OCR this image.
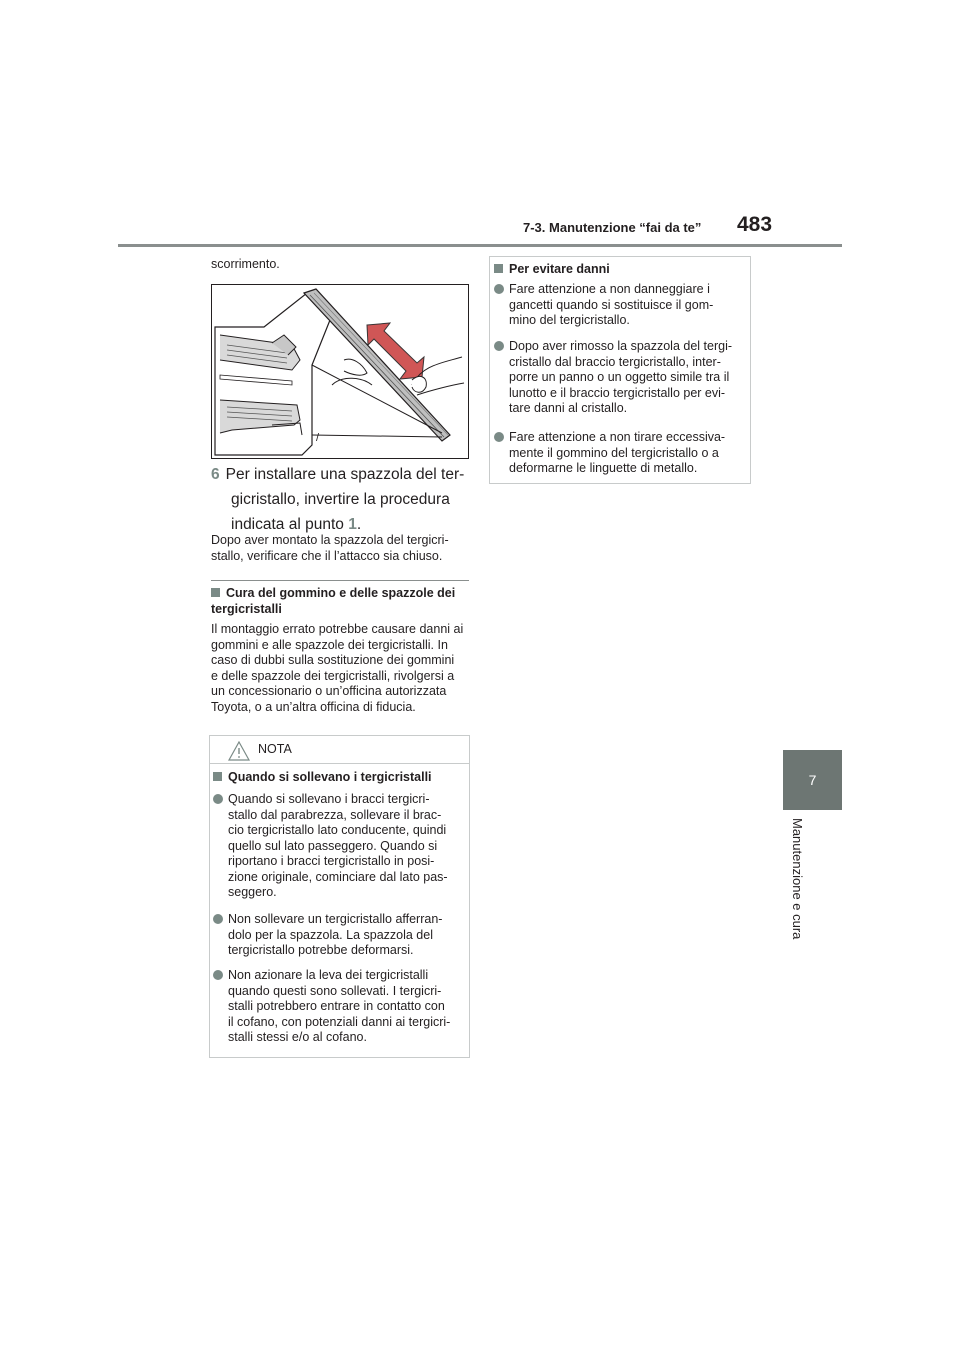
7-3. Manutenzione “fai da te” 483
7
Manutenzione e cura
scorrimento.
/
6 Per installare una spazzola del ter-
gicristallo, invertire la procedura
indicata al punto 1.
Dopo aver montato la spazzola del tergicri-
stallo, verificare che il l’attacco sia chiuso.
Cura del gommino e delle spazzole dei
tergicristalli
Il montaggio errato potrebbe causare danni ai
gommini e alle spazzole dei tergicristalli. In
caso di dubbi sulla sostituzione dei gommini
e delle spazzole dei tergicristalli, rivolgersi a
un concessionario o un’officina autorizzata
Toyota, o a un’altra officina di fiducia.
NOTA
Quando si sollevano i tergicristalli
Quando si sollevano i bracci tergicri-
stallo dal parabrezza, sollevare il brac-
cio tergicristallo lato conducente, quindi
quello sul lato passeggero. Quando si
riportano i bracci tergicristallo in posi-
zione originale, cominciare dal lato pas-
seggero.
Non sollevare un tergicristallo afferran-
dolo per la spazzola. La spazzola del
tergicristallo potrebbe deformarsi.
Non azionare la leva dei tergicristalli
quando questi sono sollevati. I tergicri-
stalli potrebbero entrare in contatto con
il cofano, con potenziali danni ai tergicri-
stalli stessi e/o al cofano.
Per evitare danni
Fare attenzione a non danneggiare i
gancetti quando si sostituisce il gom-
mino del tergicristallo.
Dopo aver rimosso la spazzola del tergi-
cristallo dal braccio tergicristallo, inter-
porre un panno o un oggetto simile tra il
lunotto e il braccio tergicristallo per evi-
tare danni al cristallo.
Fare attenzione a non tirare eccessiva-
mente il gommino del tergicristallo o a
deformarne le linguette di metallo.
